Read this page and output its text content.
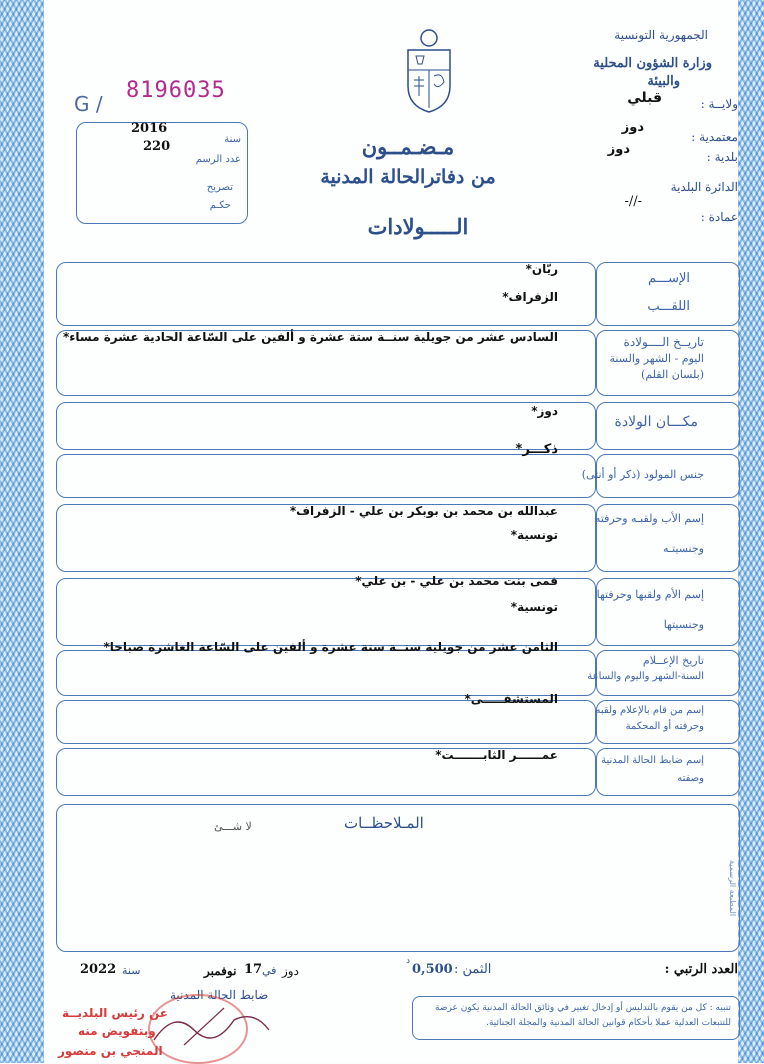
الجمهورية التونسية
وزارة الشؤون المحلية
والبيئة
ولايــة :
قبلي
معتمدية :
دوز
بلدية :
دوز
الدائرة البلدية
-//-
عمادة :
G /
8196035
2016
220	سنة
عدد الرسم
تصريح
حكـم
مـضـمــون
من دفاترالحالة المدنية
الـــــولادات
الإســـم
اللقـــب
ريّان*
الزفراف*
تاريــخ الــــولادة
اليوم - الشهر والسنة
(بلسان القلم)
السادس عشر من جويلية سنــة ستة عشرة و ألفين على السّاعة الحادية عشرة مساء*
مكـــان الولادة
دوز*
جنس المولود (ذكر أو أنثى)
ذكـــر*
إسم الأب ولقبـه وحرفته
وجنسيتـه
عبدالله بن محمد بن بوبكر بن علي - الزفراف*
تونسية*
إسم الأم ولقبها وحرفتها
وجنسيتها
فمى بنت محمد بن علي - بن علي*
تونسية*
تاريخ الإعــلام
السنة-الشهر واليوم والساعة
الثامن عشر من جويلية سنــة ستة عشرة و ألفين على السّاعة العاشرة صباحا*
إسم من قام بالإعلام ولقبه
وحرفته أو المحكمة
المستشفـــــى*
إسم ضابط الحالة المدنية
وصفته
عمــــــر الثابـــــــت*
المـلاحظــات
لا شـــئ
المطبعة الرسمية
العدد الرتبي :
الثمن :
0,500
د
دوز
في
17
نوفمبر
سنة
2022
ضابط الحالة المدنية
تنبيه : كل من يقوم بالتدليس أو إدخال تغيير في وثائق الحالة المدنية يكون عرضة للتتبعات العدلية عملا بأحكام قوانين الحالة المدنية والمجلة الجنائية.
عن رئيس البلديــة
وبتفويض منه
المنجي بن منصور
